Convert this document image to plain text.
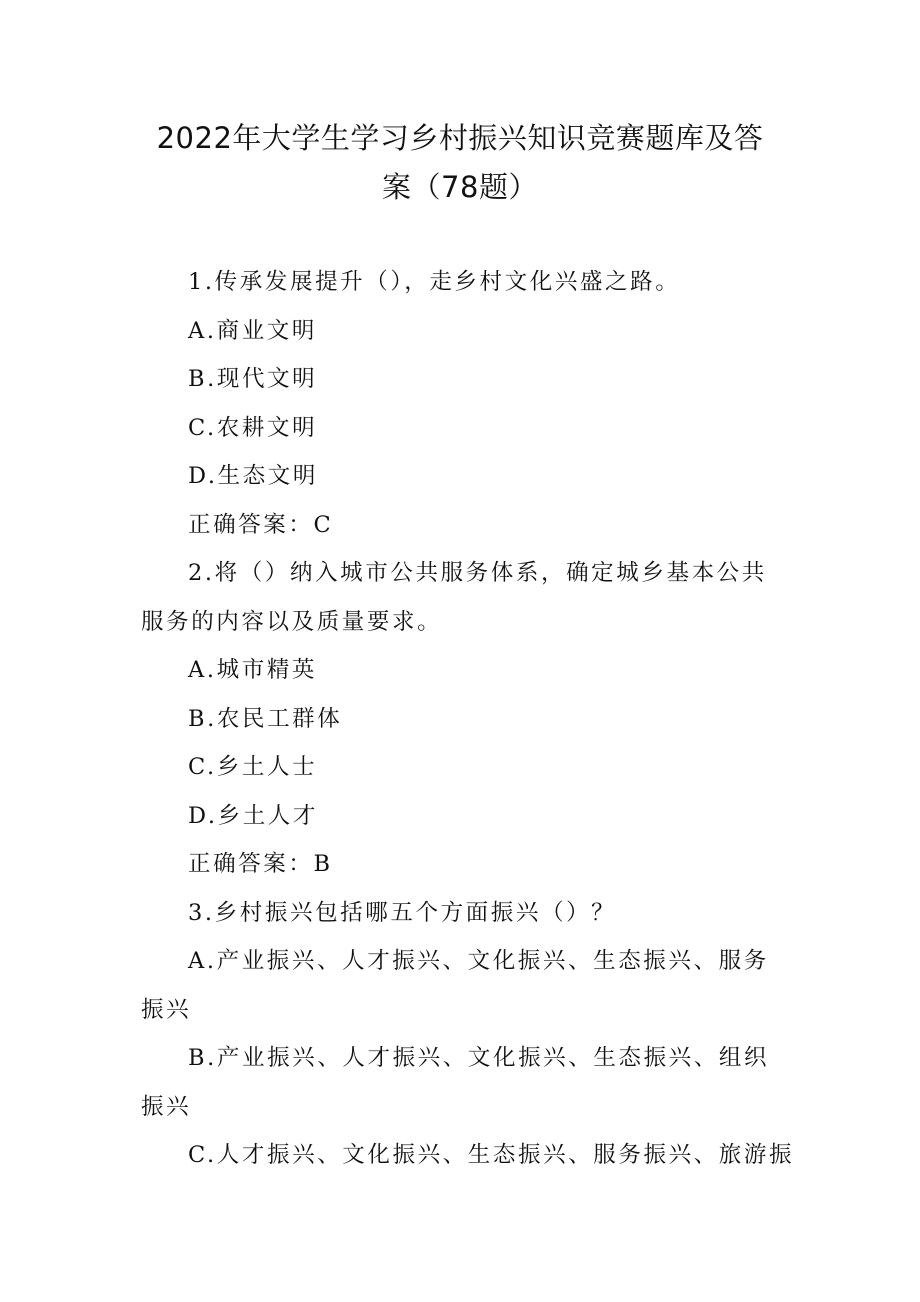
2022年大学生学习乡村振兴知识竞赛题库及答
案（78题）

1.传承发展提升（），走乡村文化兴盛之路。

A.商业文明

B.现代文明

C.农耕文明

D.生态文明

正确答案：C

2.将（）纳入城市公共服务体系，确定城乡基本公共服务的内容以及质量要求。

A.城市精英

B.农民工群体

C.乡土人士

D.乡土人才

正确答案：B

3.乡村振兴包括哪五个方面振兴（）？

A.产业振兴、人才振兴、文化振兴、生态振兴、服务振兴

B.产业振兴、人才振兴、文化振兴、生态振兴、组织振兴

C.人才振兴、文化振兴、生态振兴、服务振兴、旅游振
